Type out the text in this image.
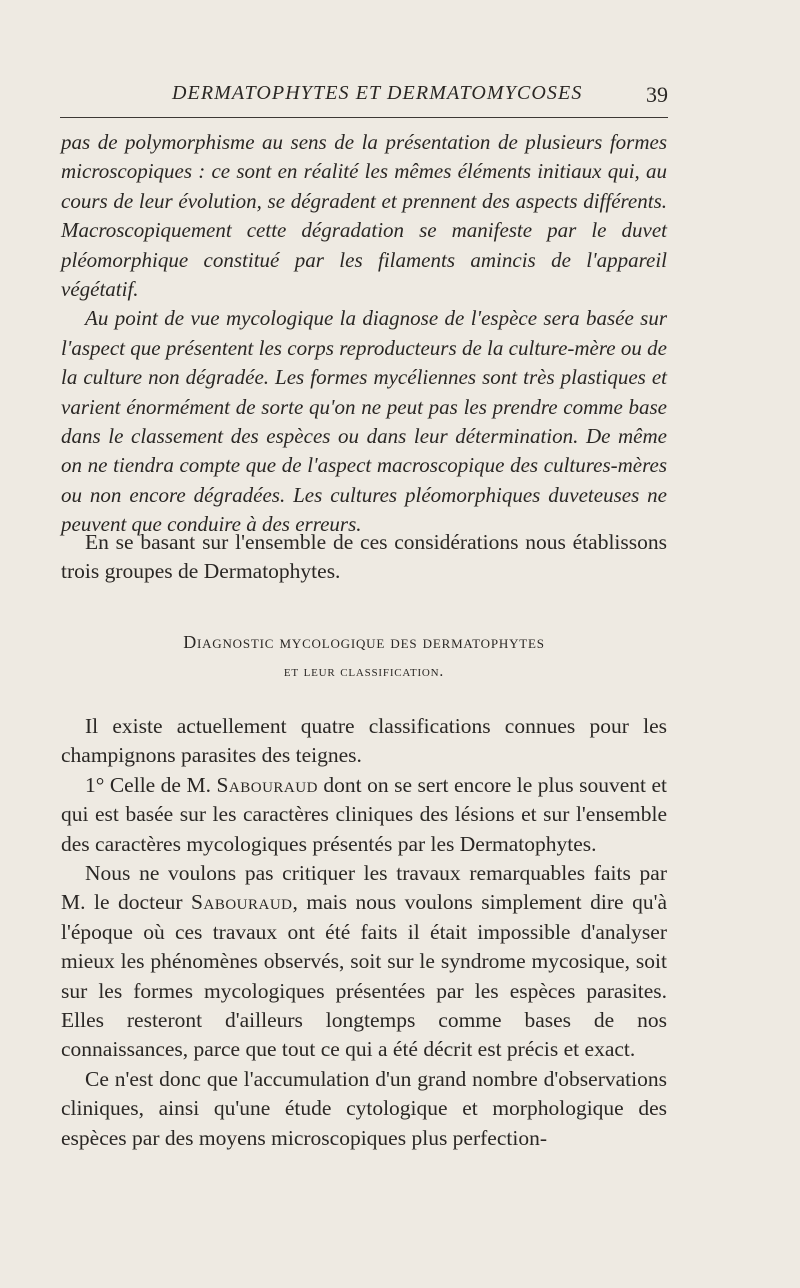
DERMATOPHYTES ET DERMATOMYCOSES	39

pas de polymorphisme au sens de la présentation de plusieurs formes microscopiques : ce sont en réalité les mêmes éléments initiaux qui, au cours de leur évolution, se dégradent et prennent des aspects différents. Macroscopiquement cette dégradation se manifeste par le duvet pléomorphique constitué par les filaments amincis de l'appareil végétatif.

Au point de vue mycologique la diagnose de l'espèce sera basée sur l'aspect que présentent les corps reproducteurs de la culture-mère ou de la culture non dégradée. Les formes mycéliennes sont très plastiques et varient énormément de sorte qu'on ne peut pas les prendre comme base dans le classement des espèces ou dans leur détermination. De même on ne tiendra compte que de l'aspect macroscopique des cultures-mères ou non encore dégradées. Les cultures pléomorphiques duveteuses ne peuvent que conduire à des erreurs.

En se basant sur l'ensemble de ces considérations nous établissons trois groupes de Dermatophytes.

Diagnostic mycologique des dermatophytes
et leur classification.

Il existe actuellement quatre classifications connues pour les champignons parasites des teignes.

1° Celle de M. Sabouraud dont on se sert encore le plus souvent et qui est basée sur les caractères cliniques des lésions et sur l'ensemble des caractères mycologiques présentés par les Dermatophytes.

Nous ne voulons pas critiquer les travaux remarquables faits par M. le docteur Sabouraud, mais nous voulons simplement dire qu'à l'époque où ces travaux ont été faits il était impossible d'analyser mieux les phénomènes observés, soit sur le syndrome mycosique, soit sur les formes mycologiques présentées par les espèces parasites. Elles resteront d'ailleurs longtemps comme bases de nos connaissances, parce que tout ce qui a été décrit est précis et exact.

Ce n'est donc que l'accumulation d'un grand nombre d'observations cliniques, ainsi qu'une étude cytologique et morphologique des espèces par des moyens microscopiques plus perfection-
